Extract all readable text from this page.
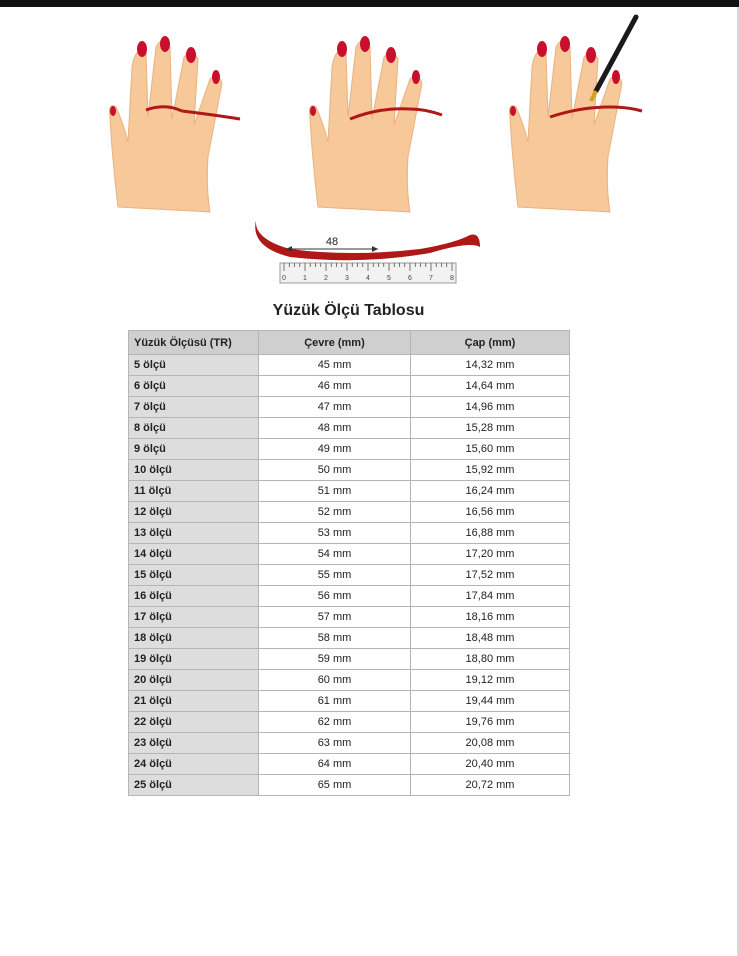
48
0 1 2 3 4 5 6 7 8
Yüzük Ölçü Tablosu
Yüzük Ölçüsü (TR)	Çevre (mm)	Çap (mm)
5 ölçü	45 mm	14,32 mm
6 ölçü	46 mm	14,64 mm
7 ölçü	47 mm	14,96 mm
8 ölçü	48 mm	15,28 mm
9 ölçü	49 mm	15,60 mm
10 ölçü	50 mm	15,92 mm
11 ölçü	51 mm	16,24 mm
12 ölçü	52 mm	16,56 mm
13 ölçü	53 mm	16,88 mm
14 ölçü	54 mm	17,20 mm
15 ölçü	55 mm	17,52 mm
16 ölçü	56 mm	17,84 mm
17 ölçü	57 mm	18,16 mm
18 ölçü	58 mm	18,48 mm
19 ölçü	59 mm	18,80 mm
20 ölçü	60 mm	19,12 mm
21 ölçü	61 mm	19,44 mm
22 ölçü	62 mm	19,76 mm
23 ölçü	63 mm	20,08 mm
24 ölçü	64 mm	20,40 mm
25 ölçü	65 mm	20,72 mm
